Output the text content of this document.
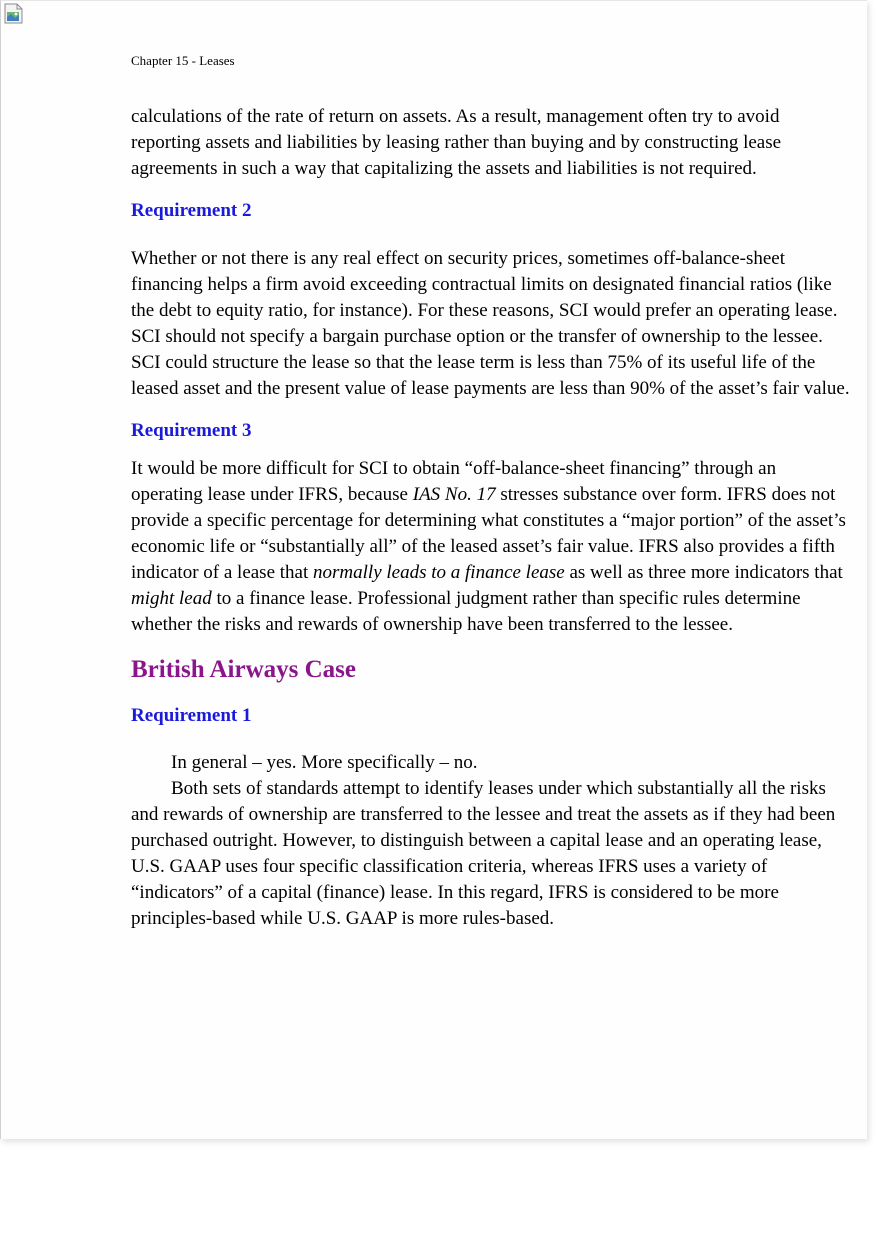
Chapter 15 - Leases

calculations of the rate of return on assets. As a result, management often try to avoid reporting assets and liabilities by leasing rather than buying and by constructing lease agreements in such a way that capitalizing the assets and liabilities is not required.

Requirement 2

Whether or not there is any real effect on security prices, sometimes off-balance-sheet financing helps a firm avoid exceeding contractual limits on designated financial ratios (like the debt to equity ratio, for instance). For these reasons, SCI would prefer an operating lease. SCI should not specify a bargain purchase option or the transfer of ownership to the lessee. SCI could structure the lease so that the lease term is less than 75% of its useful life of the leased asset and the present value of lease payments are less than 90% of the asset’s fair value.

Requirement 3

It would be more difficult for SCI to obtain “off-balance-sheet financing” through an operating lease under IFRS, because IAS No. 17 stresses substance over form. IFRS does not provide a specific percentage for determining what constitutes a “major portion” of the asset’s economic life or “substantially all” of the leased asset’s fair value. IFRS also provides a fifth indicator of a lease that normally leads to a finance lease as well as three more indicators that might lead to a finance lease. Professional judgment rather than specific rules determine whether the risks and rewards of ownership have been transferred to the lessee.

British Airways Case
Requirement 1

In general – yes. More specifically – no.

Both sets of standards attempt to identify leases under which substantially all the risks and rewards of ownership are transferred to the lessee and treat the assets as if they had been purchased outright. However, to distinguish between a capital lease and an operating lease, U.S. GAAP uses four specific classification criteria, whereas IFRS uses a variety of “indicators” of a capital (finance) lease. In this regard, IFRS is considered to be more principles-based while U.S. GAAP is more rules-based.
